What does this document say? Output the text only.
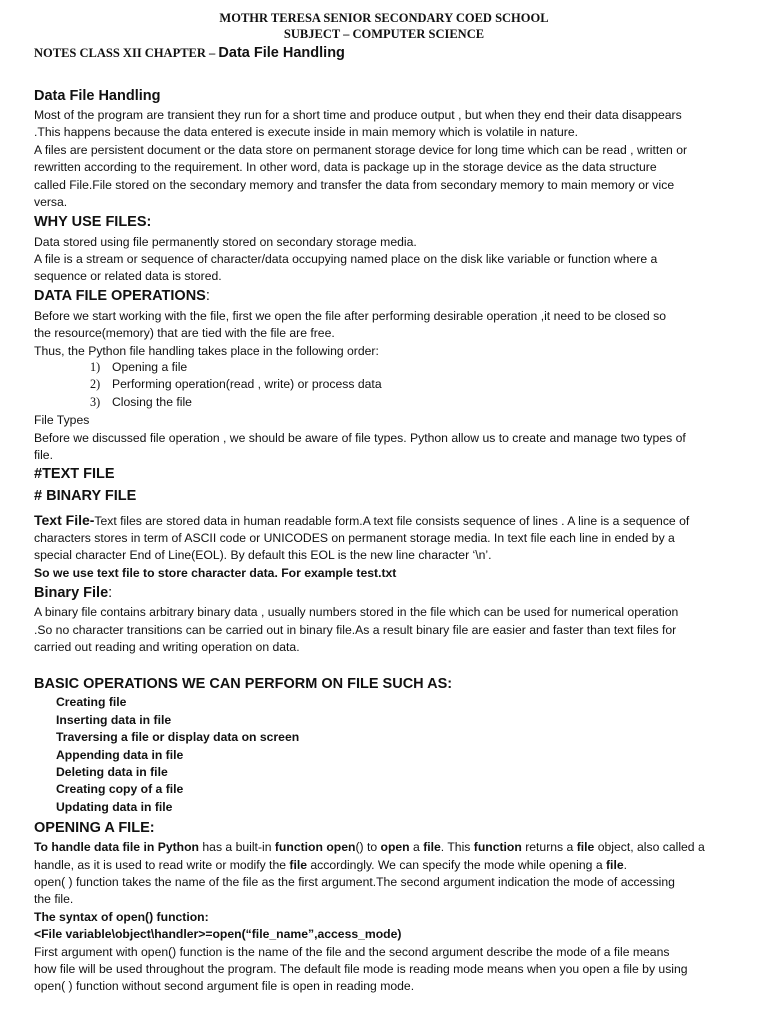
MOTHR TERESA SENIOR SECONDARY COED SCHOOL
SUBJECT – COMPUTER SCIENCE
NOTES CLASS XII CHAPTER – Data File Handling
Data File Handling
Most of the program are transient they run for a short time and produce output , but when they end their data disappears
.This happens because the data entered is execute inside in main memory which is volatile in nature.
A files are persistent document or the data store on permanent storage device for long time which can be read , written or
rewritten according to the requirement. In other word, data is package up in the storage device as the data structure
called File.File stored on the secondary memory and transfer the data from secondary memory to main memory or vice
versa.
WHY USE FILES:
Data stored using file permanently stored on secondary storage media.
A file is a stream or sequence of character/data occupying named place on the disk like variable or function where a
sequence or related data is stored.
DATA FILE OPERATIONS:
Before we start working with the file, first we open the file after performing desirable operation ,it need to be closed so
the resource(memory) that are tied with the file are free.
Thus, the Python file handling takes place in the following order:
1) Opening a file
2) Performing operation(read , write) or process data
3) Closing the file
File Types
Before we discussed file operation , we should be aware of file types. Python allow us to create and manage two types of
file.
#TEXT FILE
# BINARY FILE
Text File-Text files are stored data in human readable form.A text file consists sequence of lines . A line is a sequence of
characters stores in term of ASCII code or UNICODES on permanent storage media. In text file each line in ended by a
special character End of Line(EOL). By default this EOL is the new line character ‘\n’.
So we use text file to store character data. For example test.txt
Binary File:
A binary file contains arbitrary binary data , usually numbers stored in the file which can be used for numerical operation
.So no character transitions can be carried out in binary file.As a result binary file are easier and faster than text files for
carried out reading and writing operation on data.
BASIC OPERATIONS WE CAN PERFORM ON FILE SUCH AS:
Creating file
Inserting data in file
Traversing a file or display data on screen
Appending data in file
Deleting data in file
Creating copy of a file
Updating data in file
OPENING A FILE:
To handle data file in Python has a built-in function open() to open a file. This function returns a file object, also called a
handle, as it is used to read write or modify the file accordingly. We can specify the mode while opening a file.
open( ) function takes the name of the file as the first argument.The second argument indication the mode of accessing
the file.
The syntax of open() function:
<File variable\object\handler>=open(“file_name”,access_mode)
First argument with open() function is the name of the file and the second argument describe the mode of a file means
how file will be used throughout the program. The default file mode is reading mode means when you open a file by using
open( ) function without second argument file is open in reading mode.
